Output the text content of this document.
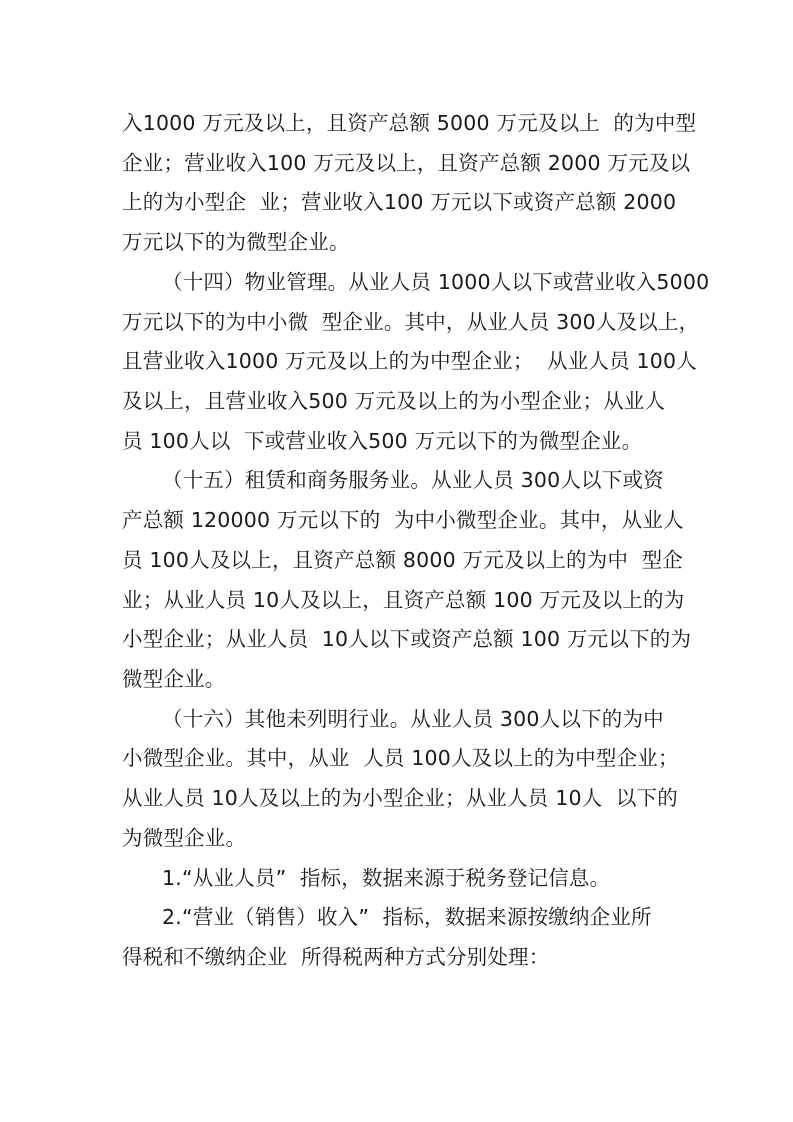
入1000 万元及以上，且资产总额 5000 万元及以上  的为中型
企业；营业收入100 万元及以上，且资产总额 2000 万元及以
上的为小型企  业；营业收入100 万元以下或资产总额 2000
万元以下的为微型企业。
（十四）物业管理。从业人员 1000人以下或营业收入5000
万元以下的为中小微  型企业。其中，从业人员 300人及以上，
且营业收入1000 万元及以上的为中型企业；  从业人员 100人
及以上，且营业收入500 万元及以上的为小型企业；从业人
员 100人以  下或营业收入500 万元以下的为微型企业。
（十五）租赁和商务服务业。从业人员 300人以下或资
产总额 120000 万元以下的  为中小微型企业。其中，从业人
员 100人及以上，且资产总额 8000 万元及以上的为中  型企
业；从业人员 10人及以上，且资产总额 100 万元及以上的为
小型企业；从业人员  10人以下或资产总额 100 万元以下的为
微型企业。
（十六）其他未列明行业。从业人员 300人以下的为中
小微型企业。其中，从业  人员 100人及以上的为中型企业；
从业人员 10人及以上的为小型企业；从业人员 10人  以下的
为微型企业。
1.“从业人员”  指标，数据来源于税务登记信息。
2.“营业（销售）收入”  指标，数据来源按缴纳企业所
得税和不缴纳企业  所得税两种方式分别处理：
